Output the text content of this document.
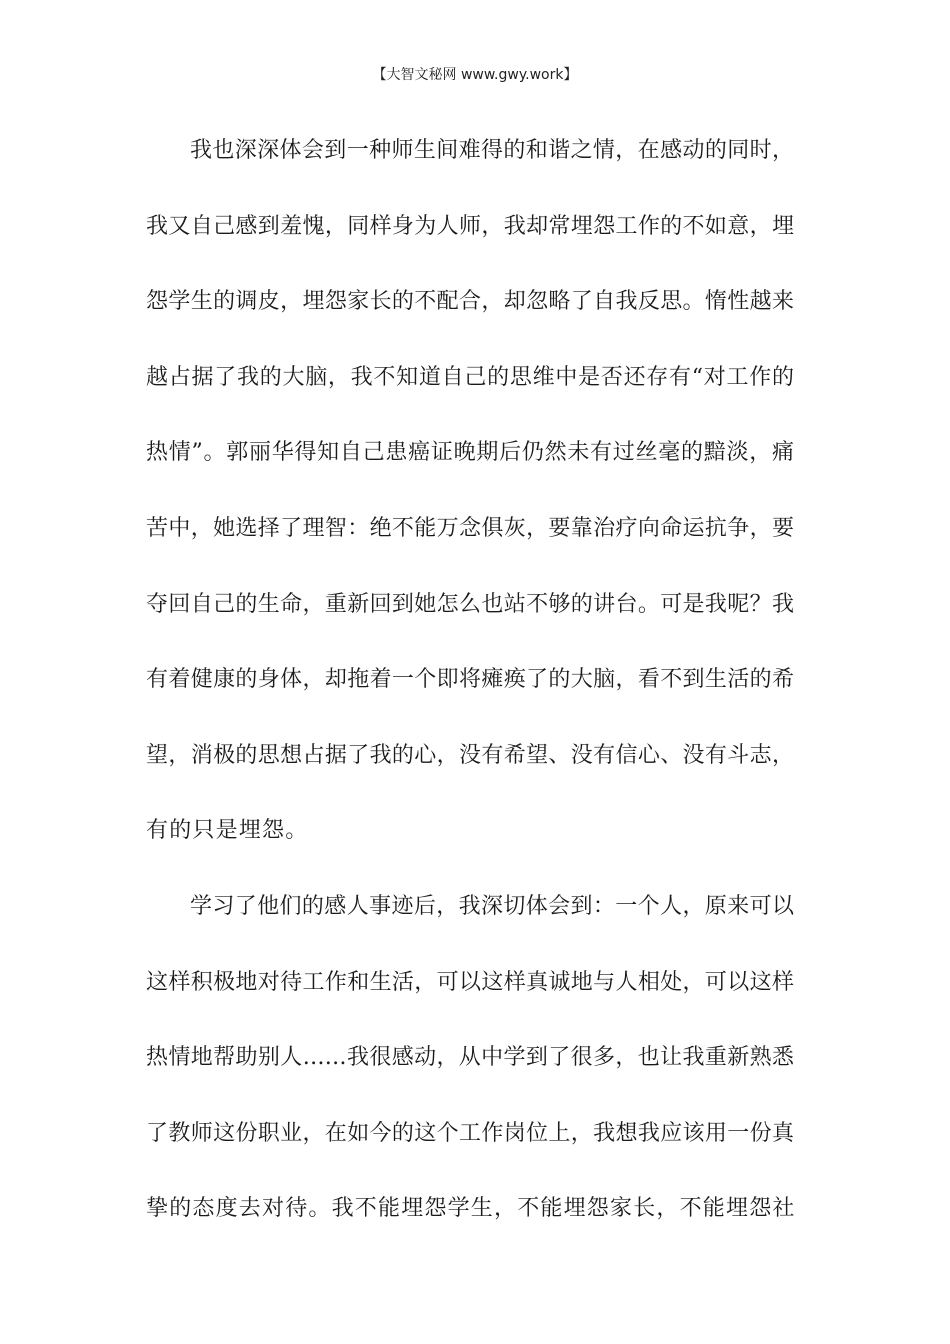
【大智文秘网 www.gwy.work】
我也深深体会到一种师生间难得的和谐之情，在感动的同时，
我又自己感到羞愧，同样身为人师，我却常埋怨工作的不如意，埋
怨学生的调皮，埋怨家长的不配合，却忽略了自我反思。惰性越来
越占据了我的大脑，我不知道自己的思维中是否还存有“对工作的
热情”。郭丽华得知自己患癌证晚期后仍然未有过丝毫的黯淡，痛
苦中，她选择了理智：绝不能万念俱灰，要靠治疗向命运抗争，要
夺回自己的生命，重新回到她怎么也站不够的讲台。可是我呢？我
有着健康的身体，却拖着一个即将瘫痪了的大脑，看不到生活的希
望，消极的思想占据了我的心，没有希望、没有信心、没有斗志，
有的只是埋怨。
学习了他们的感人事迹后，我深切体会到：一个人，原来可以
这样积极地对待工作和生活，可以这样真诚地与人相处，可以这样
热情地帮助别人……我很感动，从中学到了很多，也让我重新熟悉
了教师这份职业，在如今的这个工作岗位上，我想我应该用一份真
挚的态度去对待。我不能埋怨学生，不能埋怨家长，不能埋怨社
